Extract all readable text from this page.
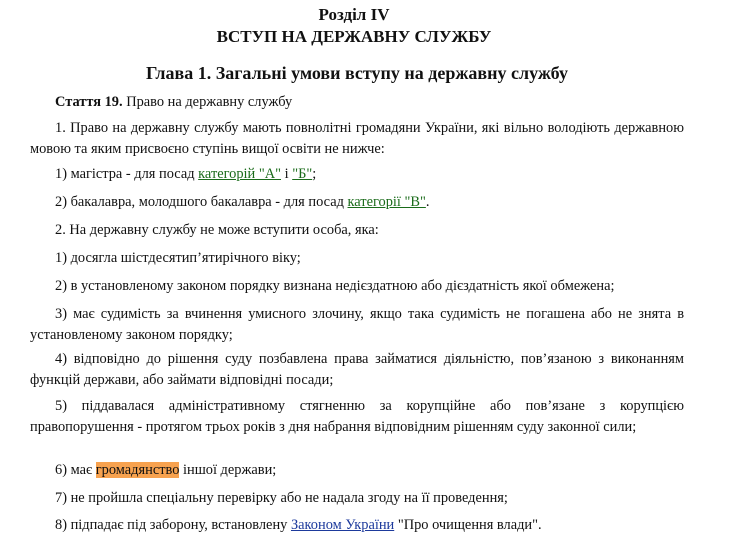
Розділ IV
ВСТУП НА ДЕРЖАВНУ СЛУЖБУ
Глава 1. Загальні умови вступу на державну службу
Стаття 19. Право на державну службу
1. Право на державну службу мають повнолітні громадяни України, які вільно володіють державною мовою та яким присвоєно ступінь вищої освіти не нижче:
1) магістра - для посад категорій "А" і "Б";
2) бакалавра, молодшого бакалавра - для посад категорії "В".
2. На державну службу не може вступити особа, яка:
1) досягла шістдесятип’ятирічного віку;
2) в установленому законом порядку визнана недієздатною або дієздатність якої обмежена;
3) має судимість за вчинення умисного злочину, якщо така судимість не погашена або не знята в установленому законом порядку;
4) відповідно до рішення суду позбавлена права займатися діяльністю, пов’язаною з виконанням функцій держави, або займати відповідні посади;
5) піддавалася адміністративному стягненню за корупційне або пов’язане з корупцією правопорушення - протягом трьох років з дня набрання відповідним рішенням суду законної сили;
6) має громадянство іншої держави;
7) не пройшла спеціальну перевірку або не надала згоду на її проведення;
8) підпадає під заборону, встановлену Законом України "Про очищення влади".
